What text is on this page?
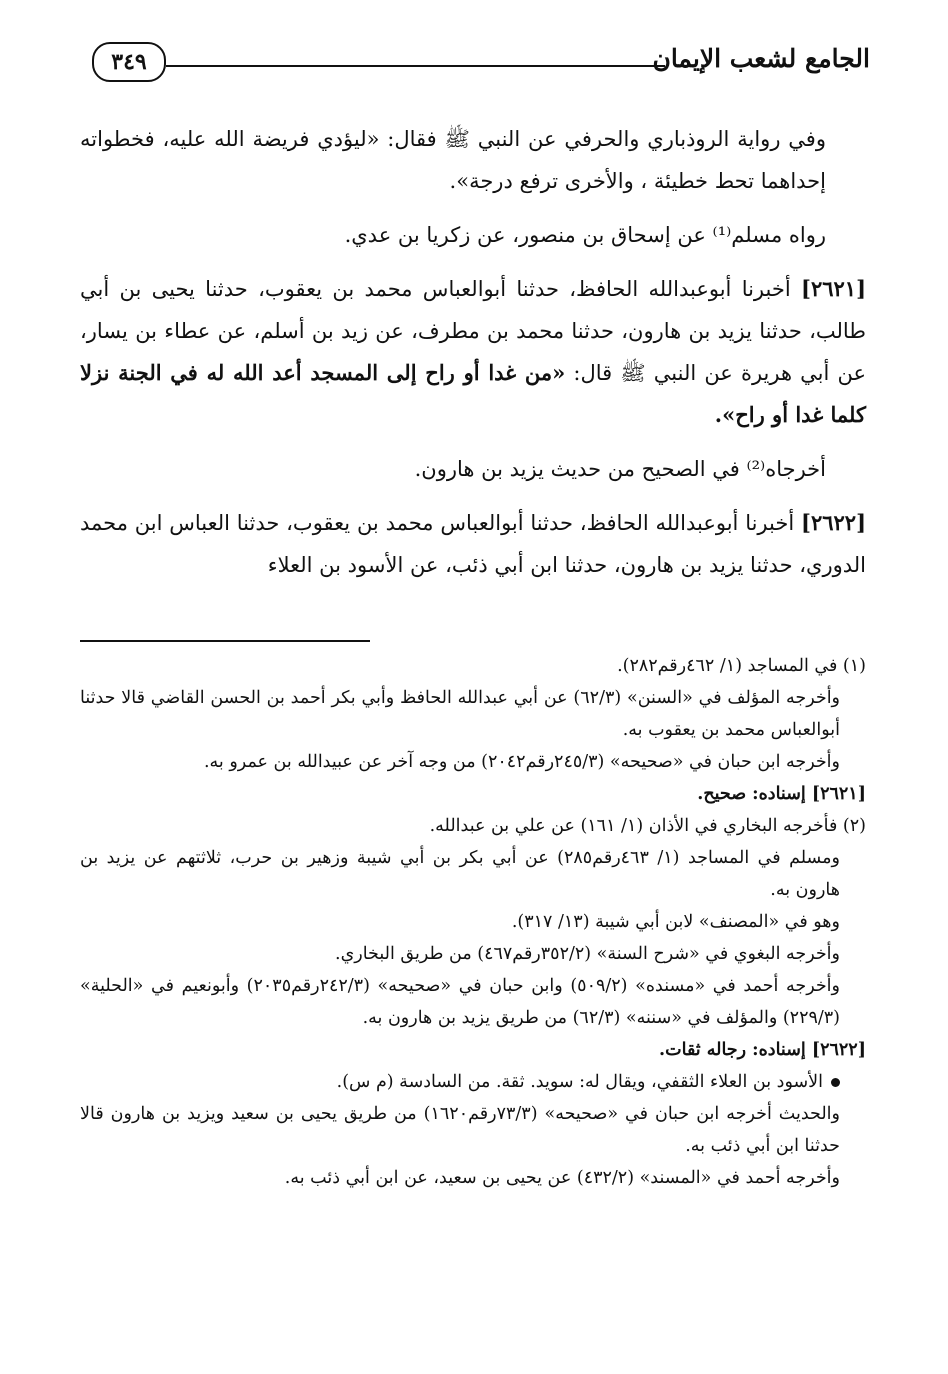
الجامع لشعب الإيمان
٣٤٩

وفي رواية الروذباري والحرفي عن النبي ﷺ فقال: «ليؤدي فريضة الله عليه، فخطواته إحداهما تحط خطيئة ، والأخرى ترفع درجة».

رواه مسلم⁽¹⁾ عن إسحاق بن منصور، عن زكريا بن عدي.

[٢٦٢١] أخبرنا أبوعبدالله الحافظ، حدثنا أبوالعباس محمد بن يعقوب، حدثنا يحيى بن أبي طالب، حدثنا يزيد بن هارون، حدثنا محمد بن مطرف، عن زيد بن أسلم، عن عطاء بن يسار، عن أبي هريرة عن النبي ﷺ قال: «من غدا أو راح إلى المسجد أعد الله له في الجنة نزلا كلما غدا أو راح».

أخرجاه⁽²⁾ في الصحيح من حديث يزيد بن هارون.

[٢٦٢٢] أخبرنا أبوعبدالله الحافظ، حدثنا أبوالعباس محمد بن يعقوب، حدثنا العباس ابن محمد الدوري، حدثنا يزيد بن هارون، حدثنا ابن أبي ذئب، عن الأسود بن العلاء

(١) في المساجد (١/ ٤٦٢رقم٢٨٢).

وأخرجه المؤلف في «السنن» (٦٢/٣) عن أبي عبدالله الحافظ وأبي بكر أحمد بن الحسن القاضي قالا حدثنا أبوالعباس محمد بن يعقوب به.

وأخرجه ابن حبان في «صحيحه» (٢٤٥/٣رقم٢٠٤٢) من وجه آخر عن عبيدالله بن عمرو به.

[٢٦٢١] إسناده: صحيح.

(٢) فأخرجه البخاري في الأذان (١/ ١٦١) عن علي بن عبدالله.

ومسلم في المساجد (١/ ٤٦٣رقم٢٨٥) عن أبي بكر بن أبي شيبة وزهير بن حرب، ثلاثتهم عن يزيد بن هارون به.

وهو في «المصنف» لابن أبي شيبة (١٣/ ٣١٧).

وأخرجه البغوي في «شرح السنة» (٣٥٢/٢رقم٤٦٧) من طريق البخاري.

وأخرجه أحمد في «مسنده» (٥٠٩/٢) وابن حبان في «صحيحه» (٢٤٢/٣رقم٢٠٣٥) وأبونعيم في «الحلية» (٢٢٩/٣) والمؤلف في «سننه» (٦٢/٣) من طريق يزيد بن هارون به.

[٢٦٢٢] إسناده: رجاله ثقات.

الأسود بن العلاء الثقفي، ويقال له: سويد. ثقة. من السادسة (م س).

والحديث أخرجه ابن حبان في «صحيحه» (٧٣/٣رقم١٦٢٠) من طريق يحيى بن سعيد ويزيد بن هارون قالا حدثنا ابن أبي ذئب به.

وأخرجه أحمد في «المسند» (٤٣٢/٢) عن يحيى بن سعيد، عن ابن أبي ذئب به.
